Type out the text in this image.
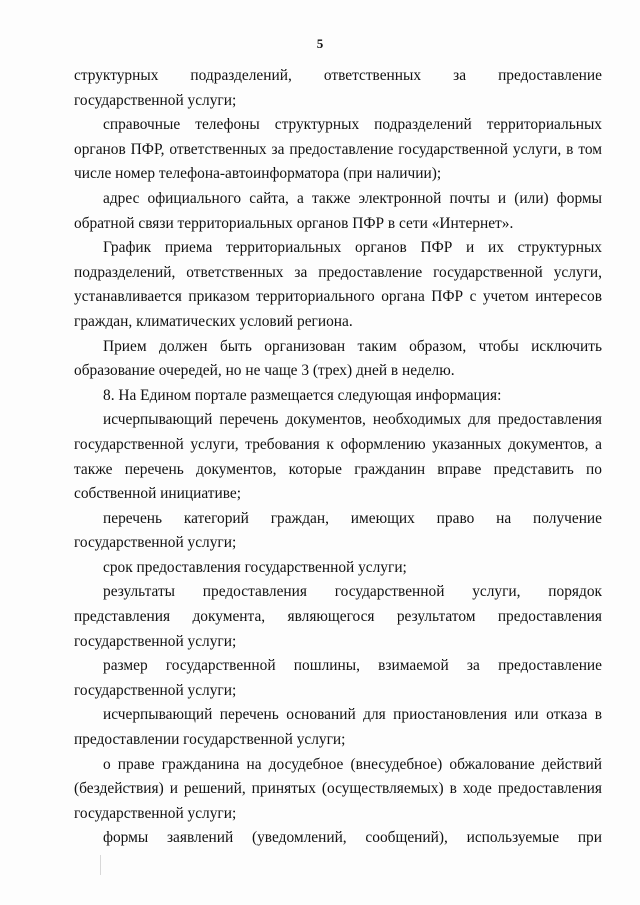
5

структурных подразделений, ответственных за предоставление государственной услуги;

справочные телефоны структурных подразделений территориальных органов ПФР, ответственных за предоставление государственной услуги, в том числе номер телефона-автоинформатора (при наличии);

адрес официального сайта, а также электронной почты и (или) формы обратной связи территориальных органов ПФР в сети «Интернет».

График приема территориальных органов ПФР и их структурных подразделений, ответственных за предоставление государственной услуги, устанавливается приказом территориального органа ПФР с учетом интересов граждан, климатических условий региона.

Прием должен быть организован таким образом, чтобы исключить образование очередей, но не чаще 3 (трех) дней в неделю.

8. На Едином портале размещается следующая информация:

исчерпывающий перечень документов, необходимых для предоставления государственной услуги, требования к оформлению указанных документов, а также перечень документов, которые гражданин вправе представить по собственной инициативе;

перечень категорий граждан, имеющих право на получение государственной услуги;

срок предоставления государственной услуги;

результаты предоставления государственной услуги, порядок представления документа, являющегося результатом предоставления государственной услуги;

размер государственной пошлины, взимаемой за предоставление государственной услуги;

исчерпывающий перечень оснований для приостановления или отказа в предоставлении государственной услуги;

о праве гражданина на досудебное (внесудебное) обжалование действий (бездействия) и решений, принятых (осуществляемых) в ходе предоставления государственной услуги;

формы заявлений (уведомлений, сообщений), используемые при
